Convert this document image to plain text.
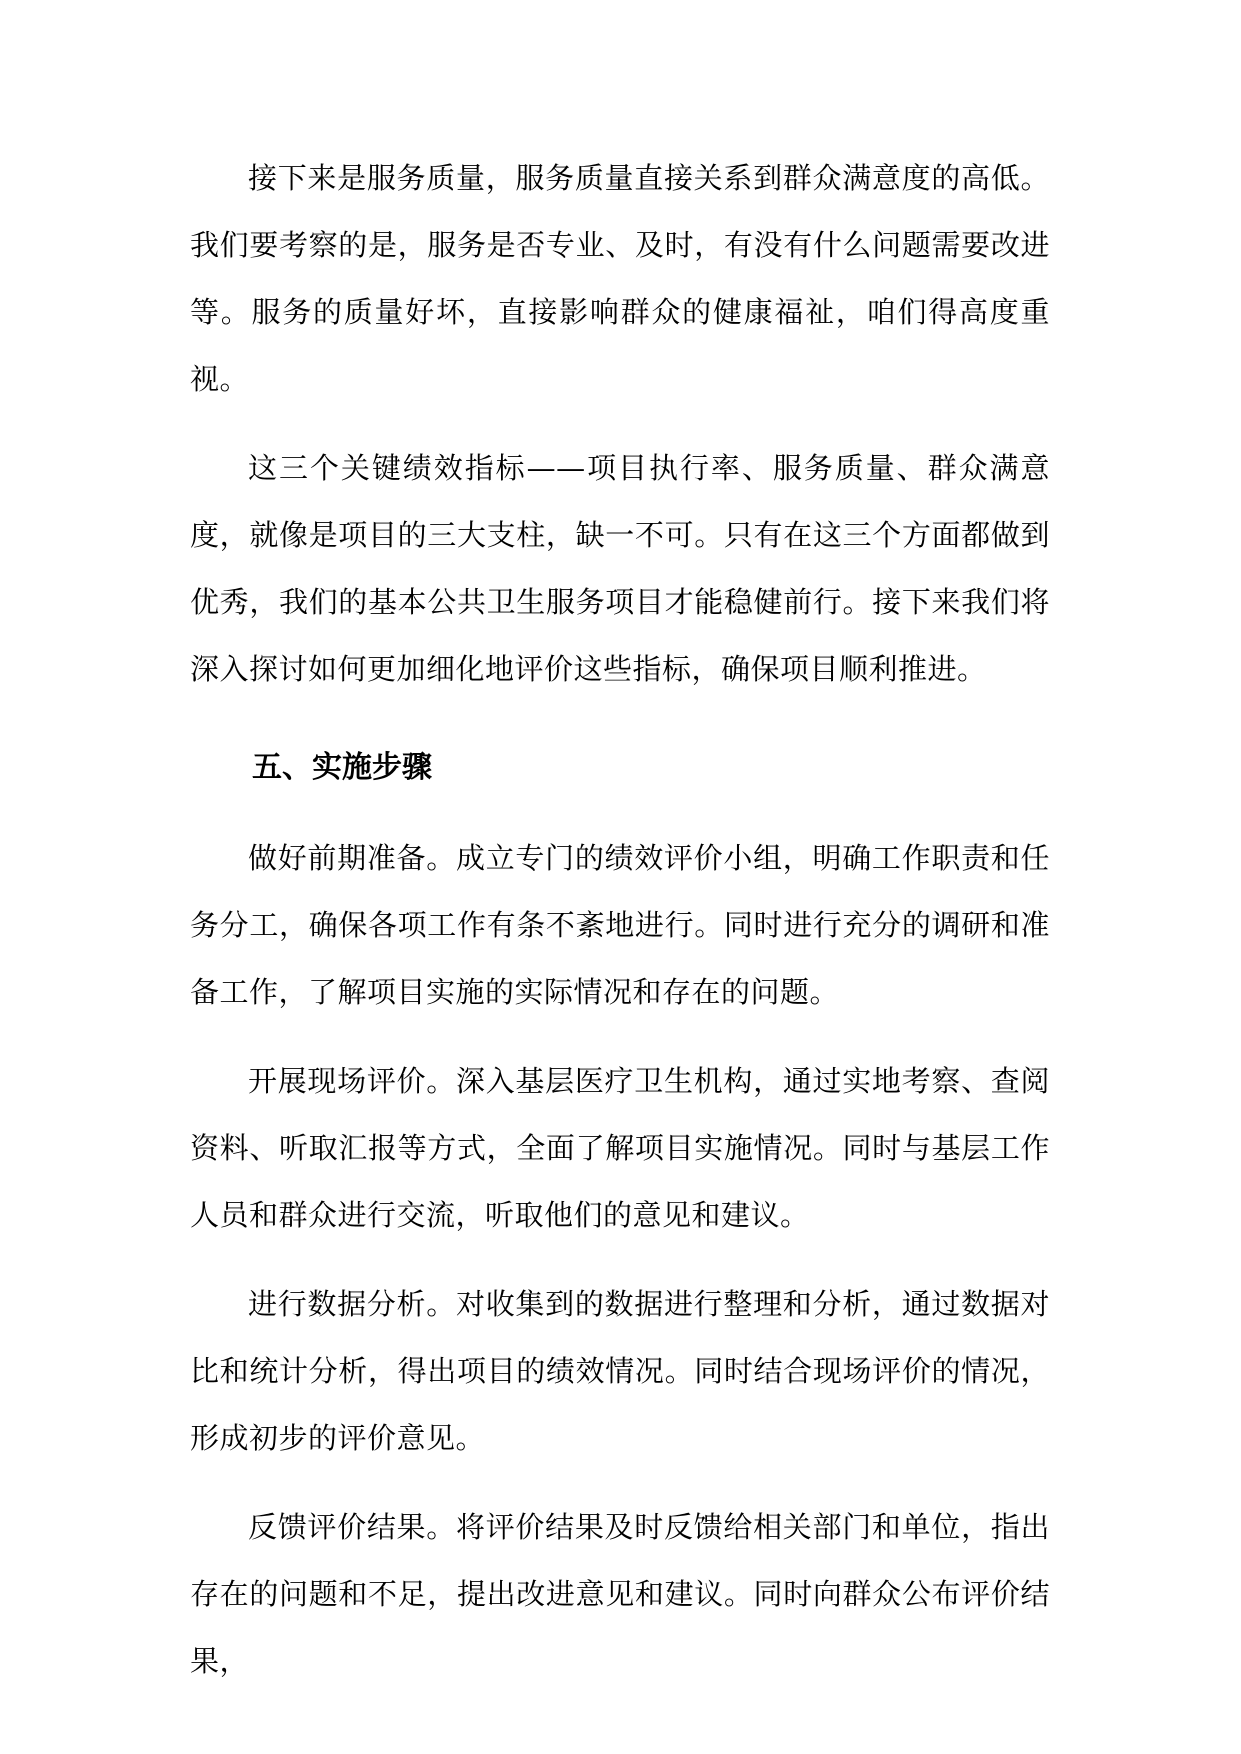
接下来是服务质量，服务质量直接关系到群众满意度的高低。我们要考察的是，服务是否专业、及时，有没有什么问题需要改进等。服务的质量好坏，直接影响群众的健康福祉，咱们得高度重视。

这三个关键绩效指标——项目执行率、服务质量、群众满意度，就像是项目的三大支柱，缺一不可。只有在这三个方面都做到优秀，我们的基本公共卫生服务项目才能稳健前行。接下来我们将深入探讨如何更加细化地评价这些指标，确保项目顺利推进。

五、实施步骤

做好前期准备。成立专门的绩效评价小组，明确工作职责和任务分工，确保各项工作有条不紊地进行。同时进行充分的调研和准备工作，了解项目实施的实际情况和存在的问题。

开展现场评价。深入基层医疗卫生机构，通过实地考察、查阅资料、听取汇报等方式，全面了解项目实施情况。同时与基层工作人员和群众进行交流，听取他们的意见和建议。

进行数据分析。对收集到的数据进行整理和分析，通过数据对比和统计分析，得出项目的绩效情况。同时结合现场评价的情况，形成初步的评价意见。

反馈评价结果。将评价结果及时反馈给相关部门和单位，指出存在的问题和不足，提出改进意见和建议。同时向群众公布评价结果，
